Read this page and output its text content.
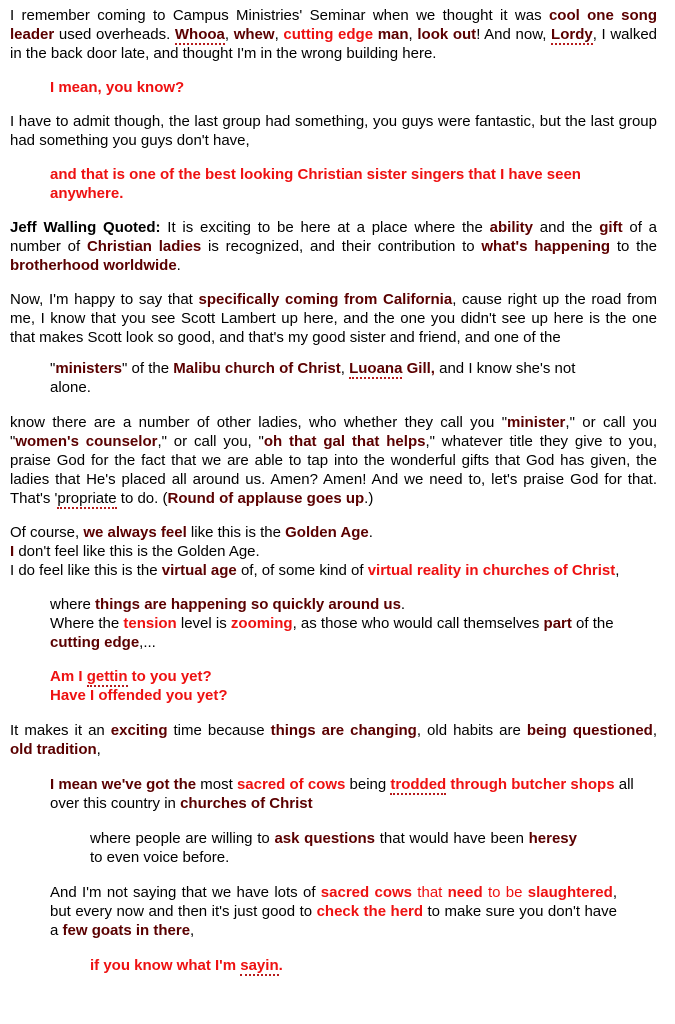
I remember coming to Campus Ministries' Seminar when we thought it was cool one song leader used overheads. Whooa, whew, cutting edge man, look out! And now, Lordy, I walked in the back door late, and thought I'm in the wrong building here.

I mean, you know?

I have to admit though, the last group had something, you guys were fantastic, but the last group had something you guys don't have,

and that is one of the best looking Christian sister singers that I have seen anywhere.

Jeff Walling Quoted: It is exciting to be here at a place where the ability and the gift of a number of Christian ladies is recognized, and their contribution to what's happening to the brotherhood worldwide.

Now, I'm happy to say that specifically coming from California, cause right up the road from me, I know that you see Scott Lambert up here, and the one you didn't see up here is the one that makes Scott look so good, and that's my good sister and friend, and one of the

"ministers" of the Malibu church of Christ, Luoana Gill, and I know she's not alone.

know there are a number of other ladies, who whether they call you "minister," or call you "women's counselor," or call you, "oh that gal that helps," whatever title they give to you, praise God for the fact that we are able to tap into the wonderful gifts that God has given, the ladies that He's placed all around us. Amen? Amen! And we need to, let's praise God for that. That's 'propriate to do. (Round of applause goes up.)

Of course, we always feel like this is the Golden Age.

I don't feel like this is the Golden Age.

I do feel like this is the virtual age of, of some kind of virtual reality in churches of Christ,

where things are happening so quickly around us.

Where the tension level is zooming, as those who would call themselves part of the cutting edge,...

Am I gettin to you yet?

Have I offended you yet?

It makes it an exciting time because things are changing, old habits are being questioned, old tradition,

I mean we've got the most sacred of cows being trodded through butcher shops all over this country in churches of Christ

where people are willing to ask questions that would have been heresy to even voice before.

And I'm not saying that we have lots of sacred cows that need to be slaughtered, but every now and then it's just good to check the herd to make sure you don't have a few goats in there,

if you know what I'm sayin.
